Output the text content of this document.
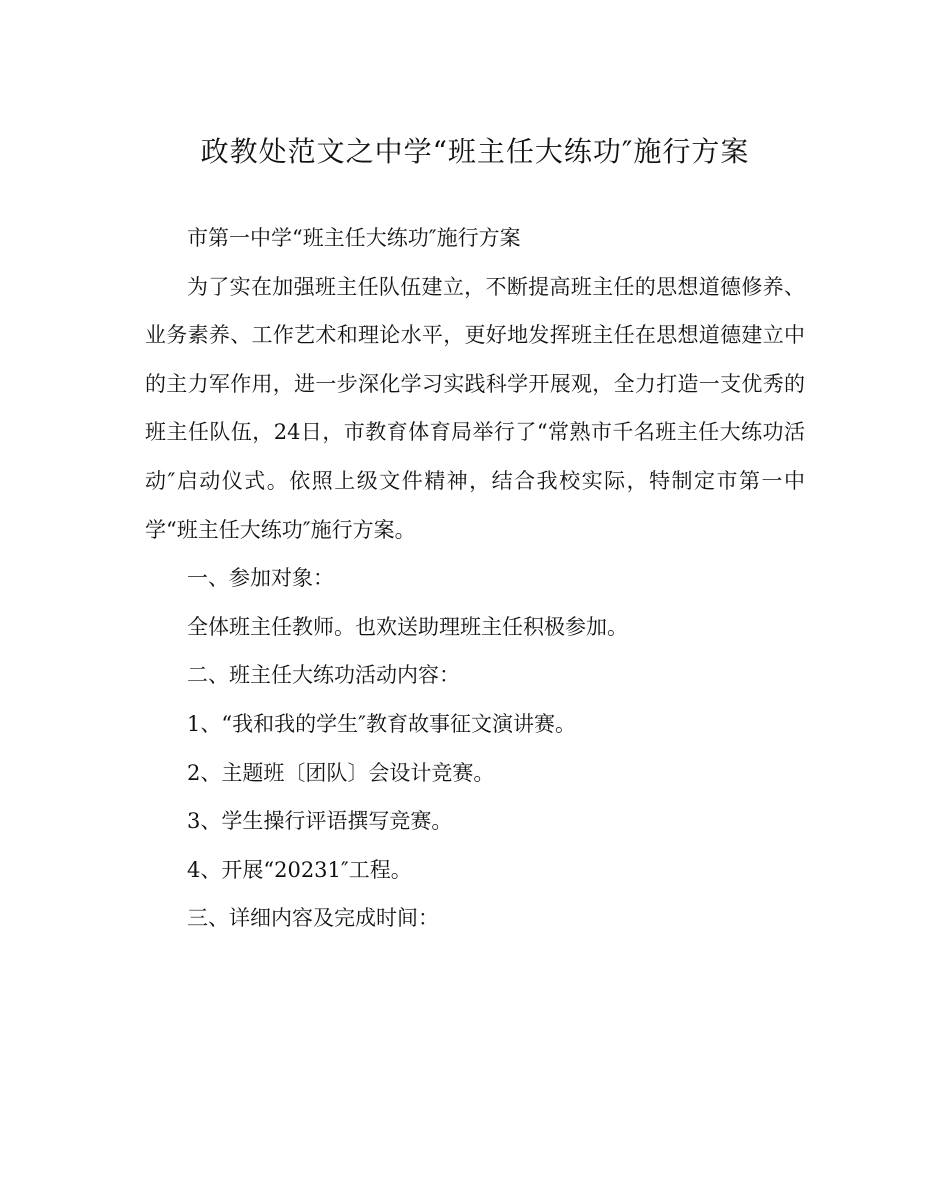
政教处范文之中学“班主任大练功″施行方案

市第一中学“班主任大练功″施行方案

为了实在加强班主任队伍建立，不断提高班主任的思想道德修养、业务素养、工作艺术和理论水平，更好地发挥班主任在思想道德建立中的主力军作用，进一步深化学习实践科学开展观，全力打造一支优秀的班主任队伍，24日，市教育体育局举行了“常熟市千名班主任大练功活动″启动仪式。依照上级文件精神，结合我校实际，特制定市第一中学“班主任大练功″施行方案。

一、参加对象：

全体班主任教师。也欢送助理班主任积极参加。

二、班主任大练功活动内容：

1、“我和我的学生″教育故事征文演讲赛。

2、主题班〔团队〕会设计竞赛。

3、学生操行评语撰写竞赛。

4、开展“20231″工程。

三、详细内容及完成时间：
